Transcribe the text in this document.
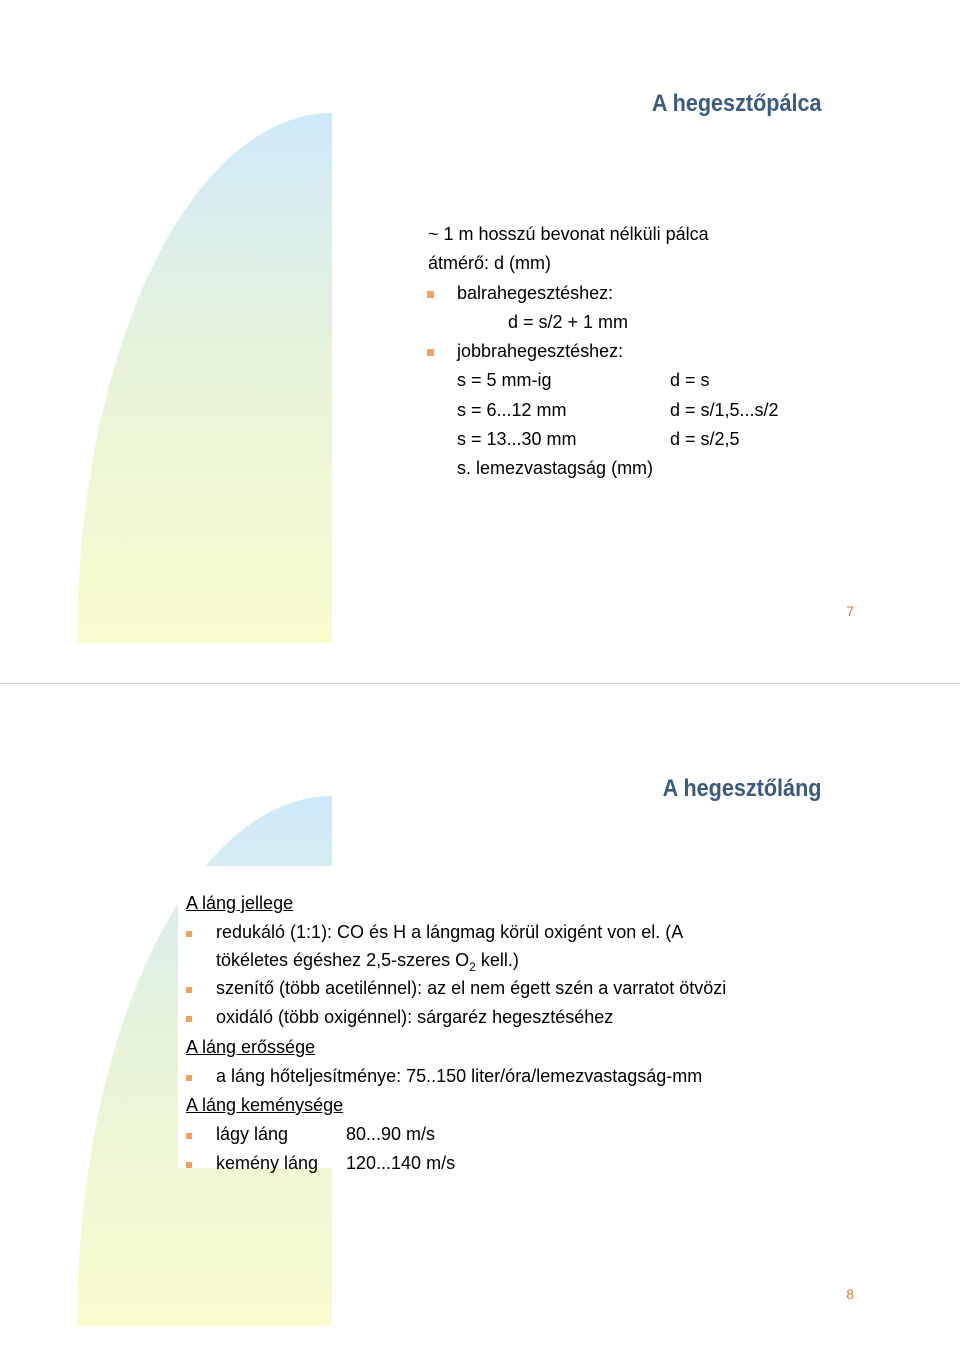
A hegesztőpálca
~ 1 m hosszú bevonat nélküli pálca
átmérő: d (mm)
balrahegesztéshez:
d = s/2 + 1 mm
jobbrahegesztéshez:
s = 5 mm-ig	d = s
s = 6...12 mm	d = s/1,5...s/2
s = 13...30 mm	d = s/2,5
s. lemezvastagság (mm)
7
A hegesztőláng
A láng jellege
redukáló (1:1): CO és H a lángmag körül oxigént von el. (A
tökéletes égéshez 2,5-szeres $O_2$ kell.)
szenítő (több acetilénnel): az el nem égett szén a varratot ötvözi
oxidáló (több oxigénnel): sárgaréz hegesztéséhez
A láng erőssége
a láng hőteljesítménye: 75..150 liter/óra/lemezvastagság-mm
A láng keménysége
lágy láng	80...90 m/s
kemény láng 120...140 m/s
8
